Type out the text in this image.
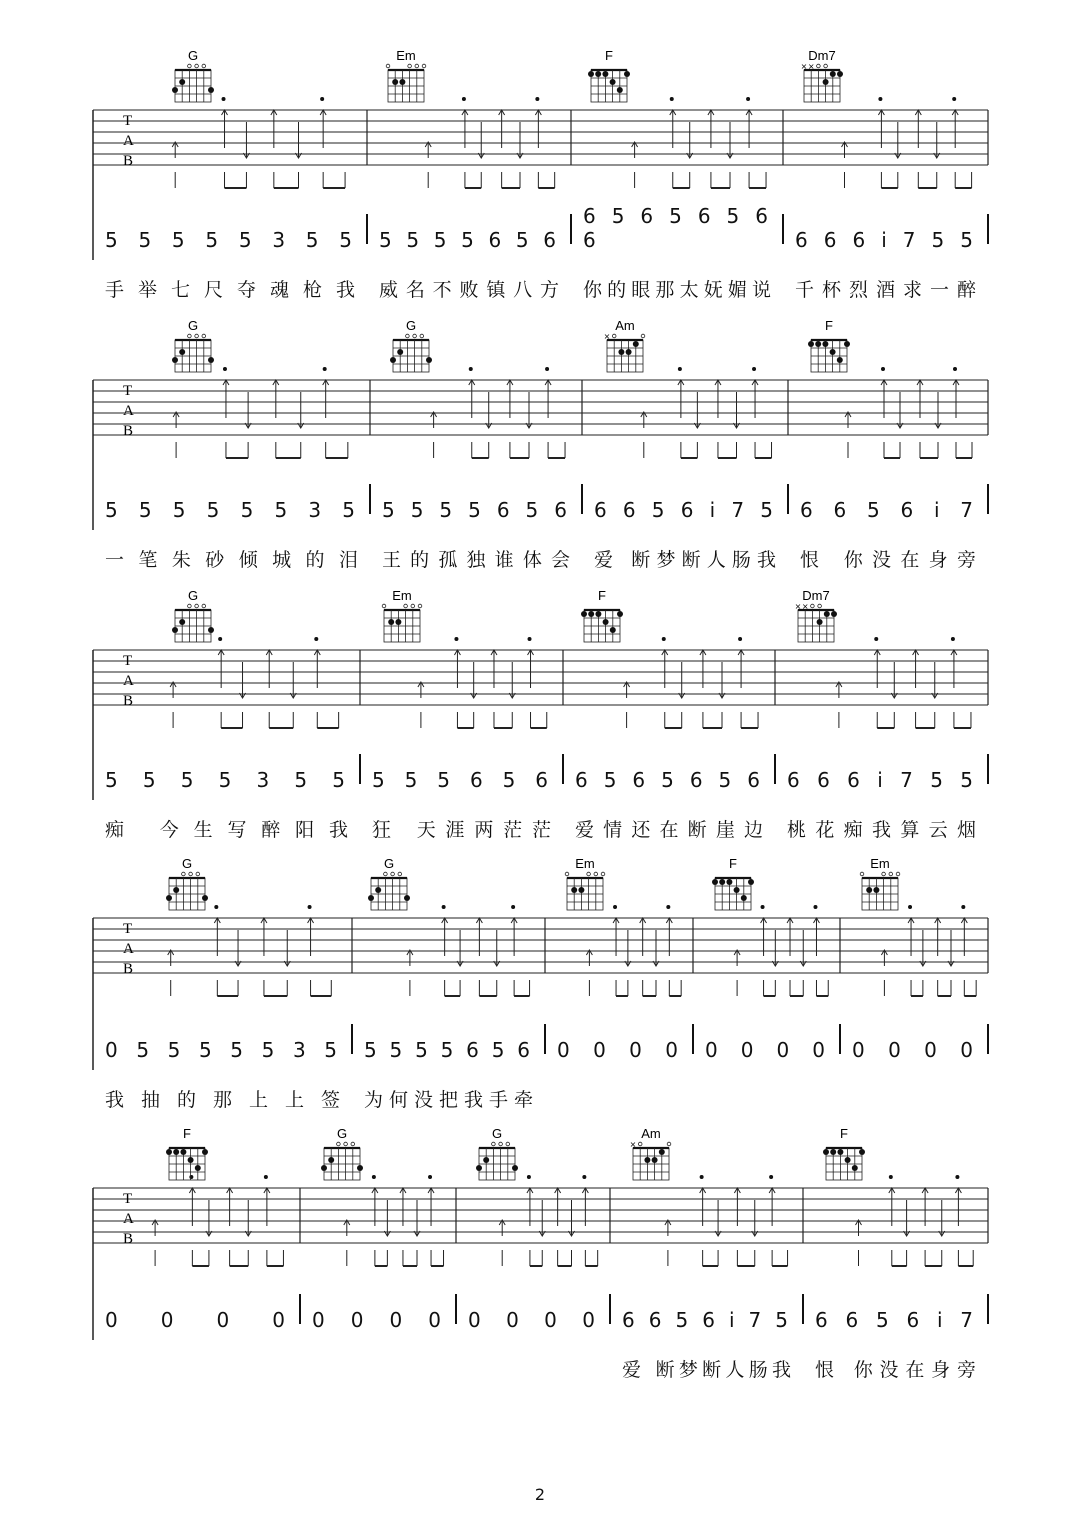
T
A
B
G	Em	F	Dm7
× ×
5 5 5 5 5 3 5 5
手举七尺夺魂枪我
5 5 5 5 6 5 6
威名不败镇八方
6 5 6 5 6 5 6 6
你的眼那太妩媚说
6 6 6 i 7 5 5
千杯烈酒求一醉
T
A
B
G	G	Am
×
F
5 5 5 5 5 5 3 5
一笔朱砂倾城的泪
5 5 5 5 6 5 6
王的孤独谁体会
6 6 5 6 i 7 5
爱 断梦断人肠我
6 6 5 6 i 7
恨 你没在身旁
T
A
B
G	Em	F	Dm7
× ×
5 5 5 5 3 5 5
痴 今生写醉阳我
5 5 5 6 5 6
狂 天涯两茫茫
6 5 6 5 6 5 6
爱情还在断崖边
6 6 6 i 7 5 5
桃花痴我算云烟
T
A
B
G	G	Em	F	Em
0 5 5 5 5 5 3 5
我抽的那上上签
5 5 5 5 6 5 6
为何没把我手牵
0 0 0 0 0 0 0 0 0 0 0 0
T
A
B
F	G	G	Am
×
F
0 0 0 0 0 0 0 0 0 0 0 0 6 6 5 6 i 7 5
爱 断梦断人肠我
6 6 5 6 i 7
恨 你没在身旁
2
